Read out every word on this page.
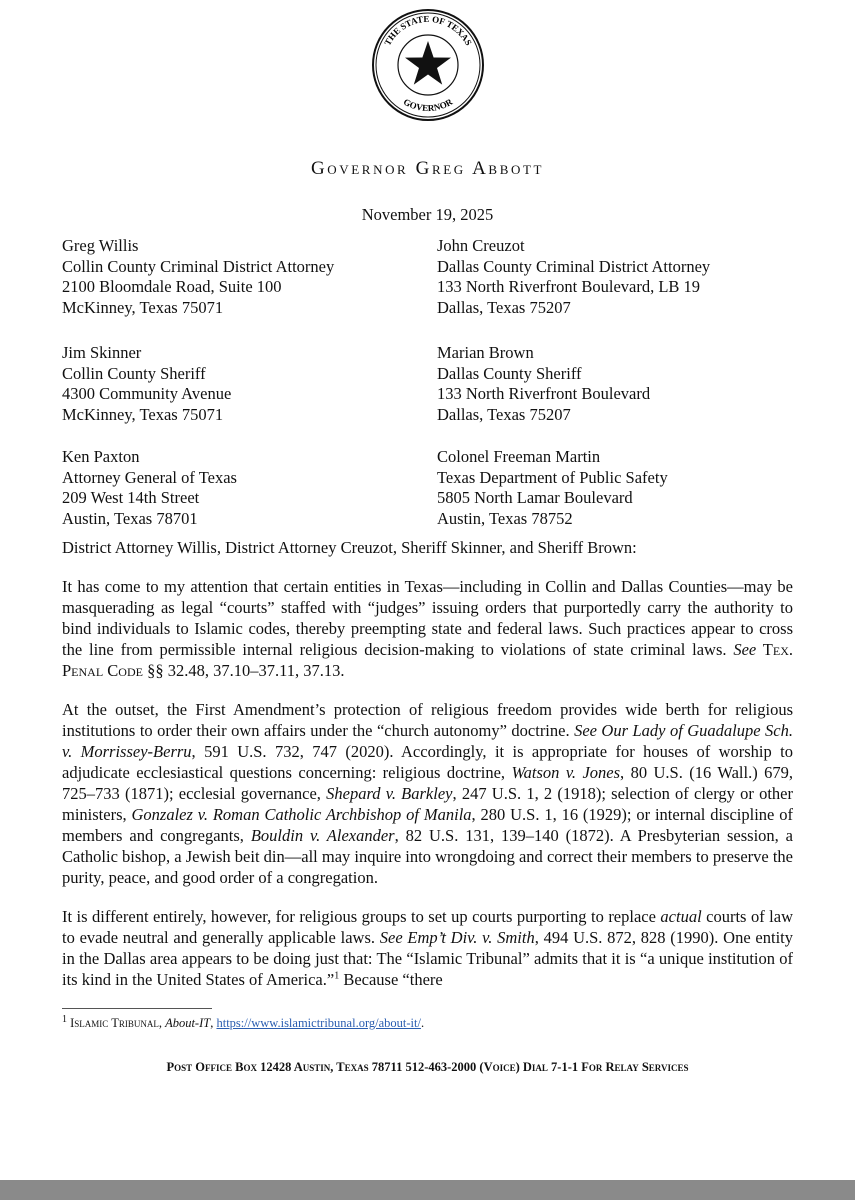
THE STATE OF TEXAS
GOVERNOR
Governor Greg Abbott
November 19, 2025
Greg Willis
Collin County Criminal District Attorney
2100 Bloomdale Road, Suite 100
McKinney, Texas 75071
John Creuzot
Dallas County Criminal District Attorney
133 North Riverfront Boulevard, LB 19
Dallas, Texas 75207
Jim Skinner
Collin County Sheriff
4300 Community Avenue
McKinney, Texas 75071
Marian Brown
Dallas County Sheriff
133 North Riverfront Boulevard
Dallas, Texas 75207
Ken Paxton
Attorney General of Texas
209 West 14th Street
Austin, Texas 78701
Colonel Freeman Martin
Texas Department of Public Safety
5805 North Lamar Boulevard
Austin, Texas 78752
District Attorney Willis, District Attorney Creuzot, Sheriff Skinner, and Sheriff Brown:
It has come to my attention that certain entities in Texas—including in Collin and Dallas Counties—may be masquerading as legal “courts” staffed with “judges” issuing orders that purportedly carry the authority to bind individuals to Islamic codes, thereby preempting state and federal laws. Such practices appear to cross the line from permissible internal religious decision-making to violations of state criminal laws. See Tex. Penal Code §§ 32.48, 37.10–37.11, 37.13.
At the outset, the First Amendment’s protection of religious freedom provides wide berth for religious institutions to order their own affairs under the “church autonomy” doctrine. See Our Lady of Guadalupe Sch. v. Morrissey-Berru, 591 U.S. 732, 747 (2020). Accordingly, it is appropriate for houses of worship to adjudicate ecclesiastical questions concerning: religious doctrine, Watson v. Jones, 80 U.S. (16 Wall.) 679, 725–733 (1871); ecclesial governance, Shepard v. Barkley, 247 U.S. 1, 2 (1918); selection of clergy or other ministers, Gonzalez v. Roman Catholic Archbishop of Manila, 280 U.S. 1, 16 (1929); or internal discipline of members and congregants, Bouldin v. Alexander, 82 U.S. 131, 139–140 (1872). A Presbyterian session, a Catholic bishop, a Jewish beit din—all may inquire into wrongdoing and correct their members to preserve the purity, peace, and good order of a congregation.
It is different entirely, however, for religious groups to set up courts purporting to replace actual courts of law to evade neutral and generally applicable laws. See Emp’t Div. v. Smith, 494 U.S. 872, 828 (1990). One entity in the Dallas area appears to be doing just that: The “Islamic Tribunal” admits that it is “a unique institution of its kind in the United States of America.”$^1$ Because “there
$^1$ Islamic Tribunal, About-IT, https://www.islamictribunal.org/about-it/.
Post Office Box 12428 Austin, Texas 78711 512-463-2000 (Voice) Dial 7-1-1 For Relay Services
